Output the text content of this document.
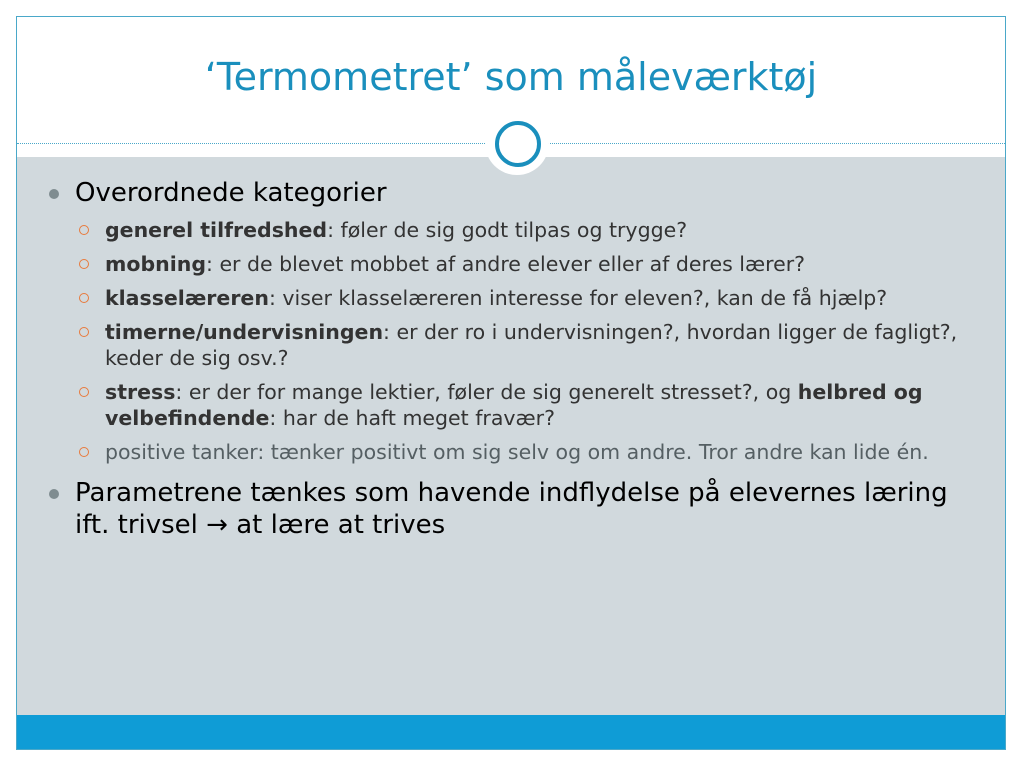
‘Termometret’ som måleværktøj
Overordnede kategorier
generel tilfredshed: føler de sig godt tilpas og trygge?
mobning: er de blevet mobbet af andre elever eller af deres lærer?
klasselæreren: viser klasselæreren interesse for eleven?, kan de få hjælp?
timerne/undervisningen: er der ro i undervisningen?, hvordan ligger de fagligt?, keder de sig osv.?
stress: er der for mange lektier, føler de sig generelt stresset?, og helbred og velbefindende: har de haft meget fravær?
positive tanker: tænker positivt om sig selv og om andre. Tror andre kan lide én.
Parametrene tænkes som havende indflydelse på elevernes læring ift. trivsel → at lære at trives
